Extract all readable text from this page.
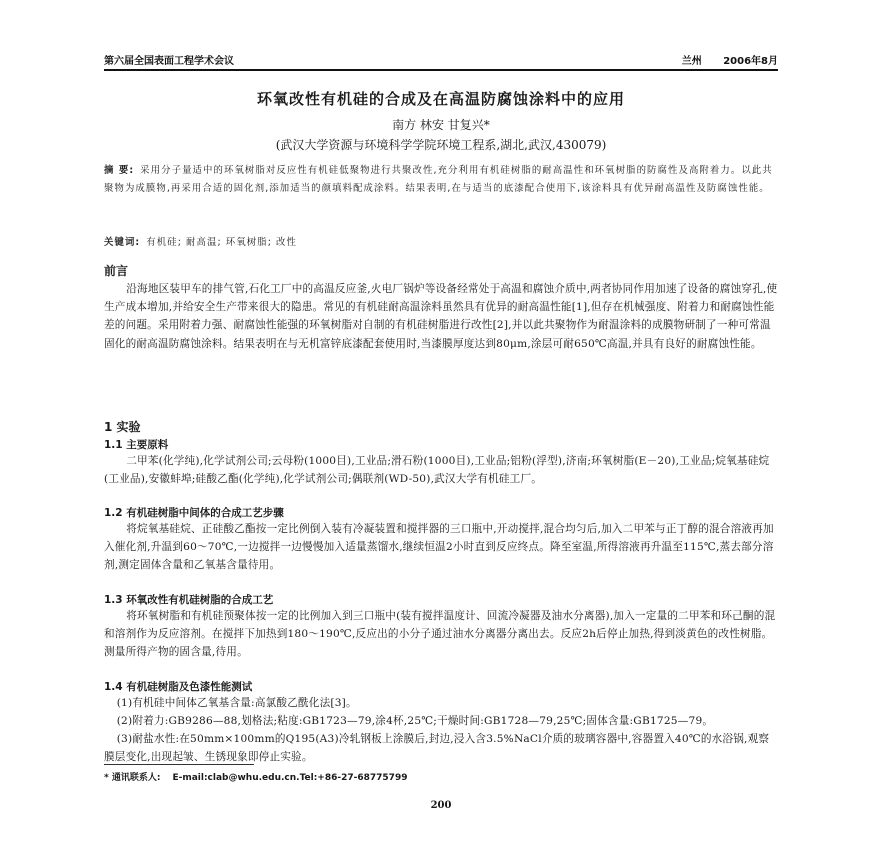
第六届全国表面工程学术会议	兰州 2006年8月
环氧改性有机硅的合成及在高温防腐蚀涂料中的应用
南方 林安 甘复兴*
(武汉大学资源与环境科学学院环境工程系,湖北,武汉,430079)
摘 要: 采用分子量适中的环氧树脂对反应性有机硅低聚物进行共聚改性,充分利用有机硅树脂的耐高温性和环氧树脂的防腐性及高附着力。以此共聚物为成膜物,再采用合适的固化剂,添加适当的颜填料配成涂料。结果表明,在与适当的底漆配合使用下,该涂料具有优异耐高温性及防腐蚀性能。
关键词: 有机硅; 耐高温; 环氧树脂; 改性
前言
沿海地区装甲车的排气管,石化工厂中的高温反应釜,火电厂锅炉等设备经常处于高温和腐蚀介质中,两者协同作用加速了设备的腐蚀穿孔,使生产成本增加,并给安全生产带来很大的隐患。常见的有机硅耐高温涂料虽然具有优异的耐高温性能[1],但存在机械强度、附着力和耐腐蚀性能差的问题。采用附着力强、耐腐蚀性能强的环氧树脂对自制的有机硅树脂进行改性[2],并以此共聚物作为耐温涂料的成膜物研制了一种可常温固化的耐高温防腐蚀涂料。结果表明在与无机富锌底漆配套使用时,当漆膜厚度达到80μm,涂层可耐650℃高温,并具有良好的耐腐蚀性能。
1 实验
1.1 主要原料
二甲苯(化学纯),化学试剂公司;云母粉(1000目),工业品;滑石粉(1000目),工业品;铝粉(浮型),济南;环氧树脂(E－20),工业品;烷氧基硅烷(工业品),安徽蚌埠;硅酸乙酯(化学纯),化学试剂公司;偶联剂(WD-50),武汉大学有机硅工厂。
1.2 有机硅树脂中间体的合成工艺步骤
将烷氧基硅烷、正硅酸乙酯按一定比例倒入装有冷凝装置和搅拌器的三口瓶中,开动搅拌,混合均匀后,加入二甲苯与正丁醇的混合溶液再加入催化剂,升温到60～70℃,一边搅拌一边慢慢加入适量蒸馏水,继续恒温2小时直到反应终点。降至室温,所得溶液再升温至115℃,蒸去部分溶剂,测定固体含量和乙氧基含量待用。
1.3 环氧改性有机硅树脂的合成工艺
将环氧树脂和有机硅预聚体按一定的比例加入到三口瓶中(装有搅拌温度计、回流冷凝器及油水分离器),加入一定量的二甲苯和环己酮的混和溶剂作为反应溶剂。在搅拌下加热到180～190℃,反应出的小分子通过油水分离器分离出去。反应2h后停止加热,得到淡黄色的改性树脂。测量所得产物的固含量,待用。
1.4 有机硅树脂及色漆性能测试
(1)有机硅中间体乙氧基含量:高氯酸乙酰化法[3]。
(2)附着力:GB9286—88,划格法;粘度:GB1723—79,涂4杯,25℃;干燥时间:GB1728—79,25℃;固体含量:GB1725—79。
(3)耐盐水性:在50mm×100mm的Q195(A3)冷轧钢板上涂膜后,封边,浸入含3.5%NaCl介质的玻璃容器中,容器置入40℃的水浴锅,观察膜层变化,出现起皱、生锈现象即停止实验。
* 通讯联系人: E-mail:clab@whu.edu.cn.Tel:+86-27-68775799
200
